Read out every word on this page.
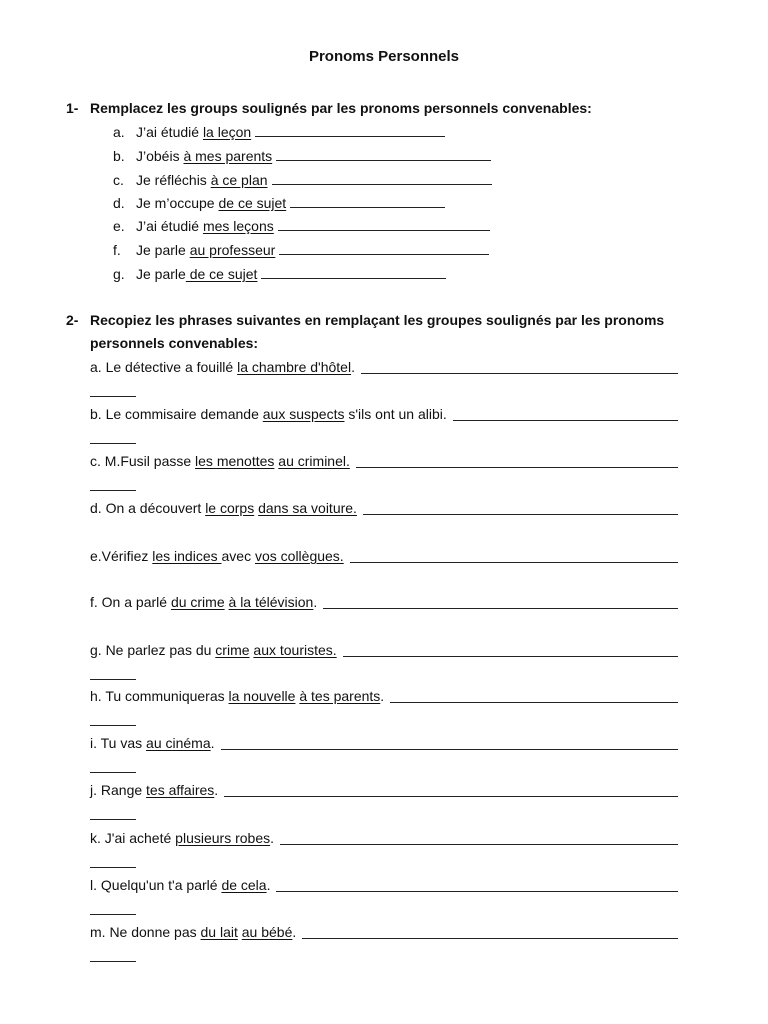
Pronoms Personnels
1- Remplacez les groups soulignés par les pronoms personnels convenables:
a. J’ai étudié la leçon
b. J’obéis à mes parents
c. Je réfléchis à ce plan
d. Je m’occupe de ce sujet
e. J’ai étudié mes leçons
f. Je parle au professeur
g. Je parle de ce sujet
2- Recopiez les phrases suivantes en remplaçant les groupes soulignés par les pronoms personnels convenables:
a. Le détective a fouillé la chambre d'hôtel.
b. Le commisaire demande aux suspects s'ils ont un alibi.
c. M.Fusil passe les menottes au criminel.
d. On a découvert le corps dans sa voiture.
e.Vérifiez les indices avec vos collègues.
f. On a parlé du crime à la télévision.
g. Ne parlez pas du crime aux touristes.
h. Tu communiqueras la nouvelle à tes parents.
i. Tu vas au cinéma.
j. Range tes affaires.
k. J'ai acheté plusieurs robes.
l. Quelqu'un t'a parlé de cela.
m. Ne donne pas du lait au bébé.
